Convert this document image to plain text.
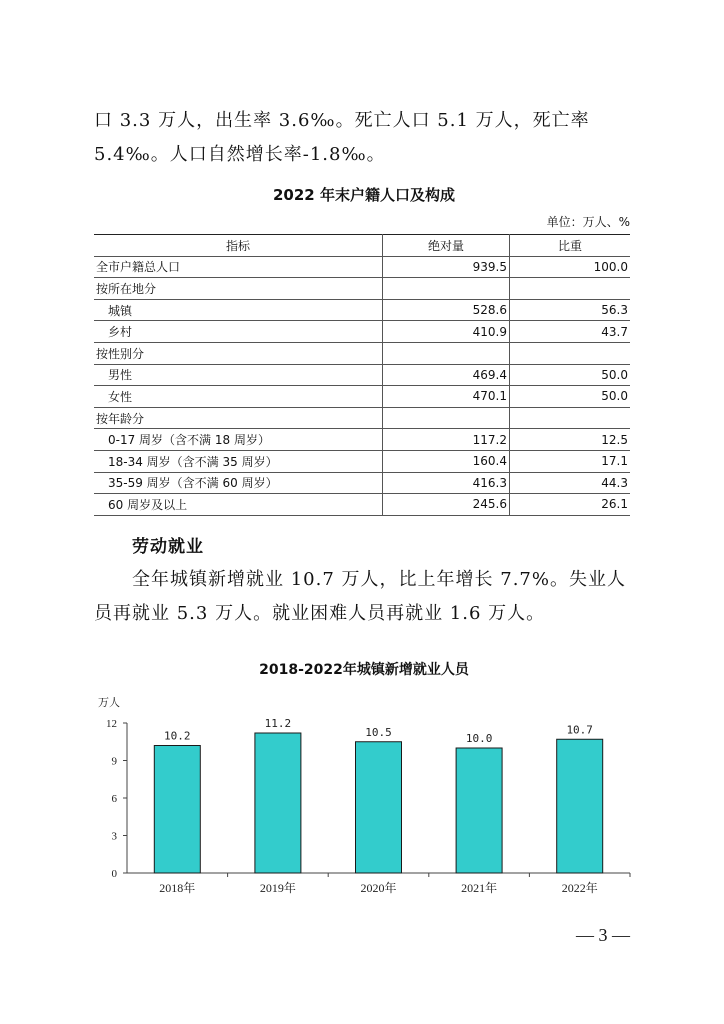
口 3.3 万人，出生率 3.6‰。死亡人口 5.1 万人，死亡率 5.4‰。人口自然增长率-1.8‰。
2022 年末户籍人口及构成
单位：万人、%
指标	绝对量	比重
全市户籍总人口	939.5	100.0
按所在地分		
城镇	528.6	56.3
乡村	410.9	43.7
按性别分		
男性	469.4	50.0
女性	470.1	50.0
按年龄分		
0-17 周岁（含不满 18 周岁）	117.2	12.5
18-34 周岁（含不满 35 周岁）	160.4	17.1
35-59 周岁（含不满 60 周岁）	416.3	44.3
60 周岁及以上	245.6	26.1
劳动就业
全年城镇新增就业 10.7 万人，比上年增长 7.7%。失业人员再就业 5.3 万人。就业困难人员再就业 1.6 万人。
2018-2022年城镇新增就业人员
万人
0
3
6
9
12
10.2
2018年
11.2
2019年
10.5
2020年
10.0
2021年
10.7
2022年
— 3 —
